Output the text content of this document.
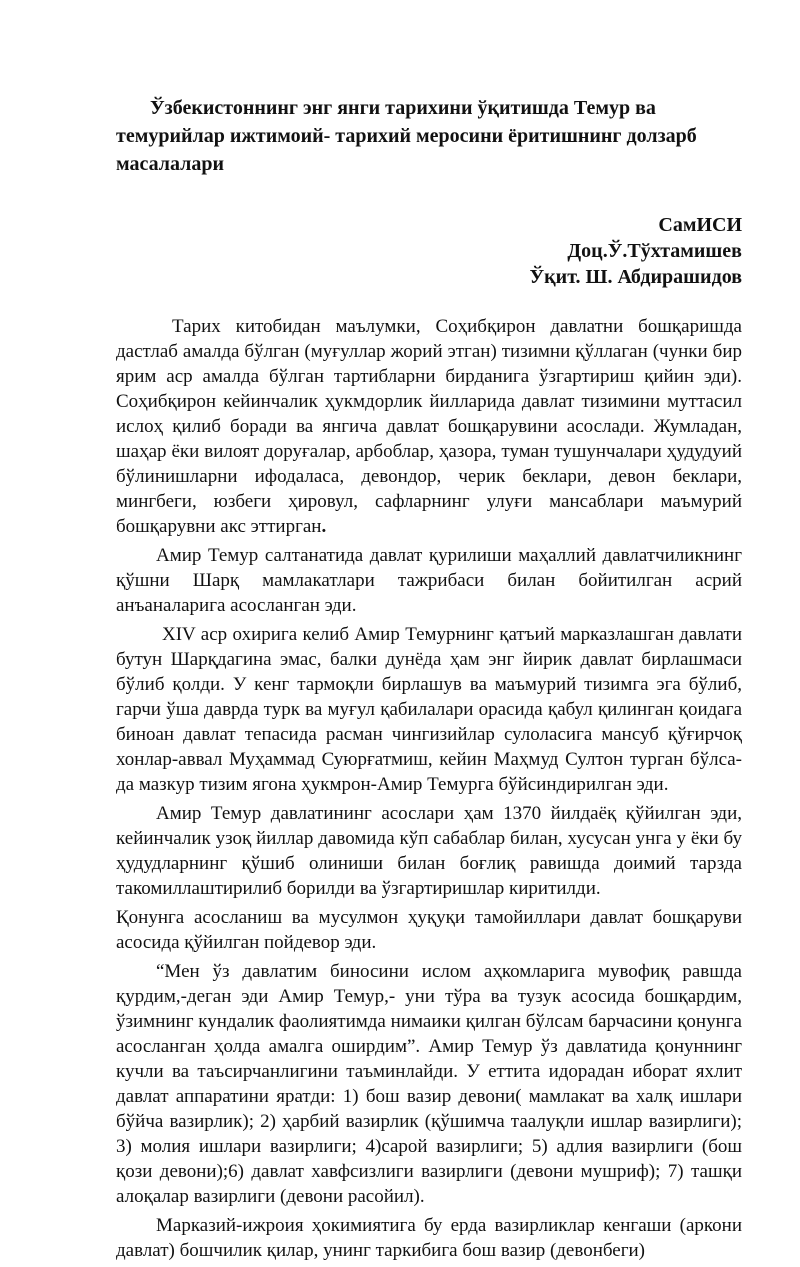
Ўзбекистоннинг энг янги тарихини ўқитишда Темур ва темурийлар ижтимоий- тарихий меросини ёритишнинг долзарб масалалари
СамИСИ
Доц.Ў.Тўхтамишев
Ўқит. Ш. Абдирашидов

Тарих китобидан маълумки, Соҳибқирон давлатни бошқаришда дастлаб амалда бўлган (муғуллар жорий этган) тизимни қўллаган (чунки бир ярим аср амалда бўлган тартибларни бирданига ўзгартириш қийин эди). Соҳибқирон кейинчалик ҳукмдорлик йилларида давлат тизимини муттасил ислоҳ қилиб боради ва янгича давлат бошқарувини асослади. Жумладан, шаҳар ёки вилоят доруғалар, арбоблар, ҳазора, туман тушунчалари ҳудудуий бўлинишларни ифодаласа, девондор, черик беклари, девон беклари, мингбеги, юзбеги ҳировул, сафларнинг улуғи мансаблари маъмурий бошқарувни акс эттирган.

Амир Темур салтанатида давлат қурилиши маҳаллий давлатчиликнинг қўшни Шарқ мамлакатлари тажрибаси билан бойитилган асрий анъаналарига асосланган эди.

XIV аср охирига келиб Амир Темурнинг қатъий марказлашган давлати бутун Шарқдагина эмас, балки дунёда ҳам энг йирик давлат бирлашмаси бўлиб қолди. У кенг тармоқли бирлашув ва маъмурий тизимга эга бўлиб, гарчи ўша даврда турк ва муғул қабилалари орасида қабул қилинган қоидага биноан давлат тепасида расман чингизийлар сулоласига мансуб қўғирчоқ хонлар-аввал Муҳаммад Суюрғатмиш, кейин Маҳмуд Султон турган бўлса-да мазкур тизим ягона ҳукмрон-Амир Темурга бўйсиндирилган эди.

Амир Темур давлатининг асослари ҳам 1370 йилдаёқ қўйилган эди, кейинчалик узоқ йиллар давомида кўп сабаблар билан, хусусан унга у ёки бу ҳудудларнинг қўшиб олиниши билан боғлиқ равишда доимий тарзда такомиллаштирилиб борилди ва ўзгартиришлар киритилди.

Қонунга асосланиш ва мусулмон ҳуқуқи тамойиллари давлат бошқаруви асосида қўйилган пойдевор эди.

“Мен ўз давлатим биносини ислом аҳкомларига мувофиқ равшда қурдим,-деган эди Амир Темур,- уни тўра ва тузук асосида бошқардим, ўзимнинг кундалик фаолиятимда нимаики қилган бўлсам барчасини қонунга асосланган ҳолда амалга оширдим”. Амир Темур ўз давлатида қонуннинг кучли ва таъсирчанлигини таъминлайди. У еттита идорадан иборат яхлит давлат аппаратини яратди: 1) бош вазир девони( мамлакат ва халқ ишлари бўйча вазирлик); 2) ҳарбий вазирлик (қўшимча таалуқли ишлар вазирлиги); 3) молия ишлари вазирлиги; 4)сарой вазирлиги; 5) адлия вазирлиги (бош қози девони);6) давлат хавфсизлиги вазирлиги (девони мушриф); 7) ташқи алоқалар вазирлиги (девони расойил).

Марказий-ижроия ҳокимиятига бу ерда вазирликлар кенгаши (аркони давлат) бошчилик қилар, унинг таркибига бош вазир (девонбеги)
